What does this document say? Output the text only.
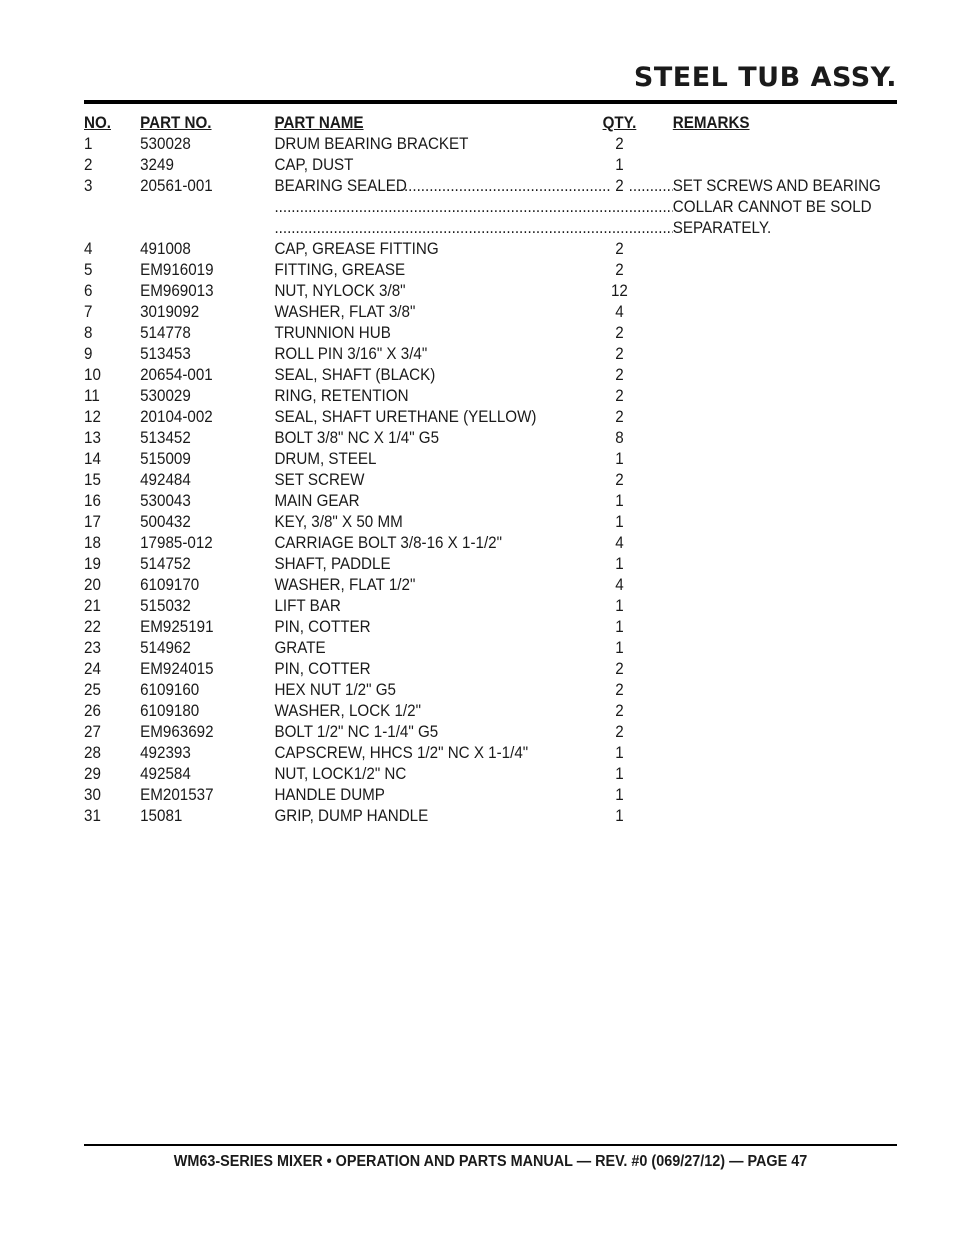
STEEL TUB ASSY.
NO. PART NO.	PART NAME	QTY. REMARKS
1	530028	DRUM BEARING BRACKET	2
2	3249	CAP, DUST	1
3	20561-001	BEARING SEALED	2	SET SCREWS AND BEARING
.....
.....
COLLAR CANNOT BE SOLD
.....
SEPARATELY.
.....
4	491008	CAP, GREASE FITTING	2
5	EM916019	FITTING, GREASE	2
6	EM969013	NUT, NYLOCK 3/8"	12
7	3019092	WASHER, FLAT 3/8"	4
8	514778	TRUNNION HUB	2
9	513453	ROLL PIN 3/16" X 3/4"	2
10 20654-001	SEAL, SHAFT (BLACK)	2
11 530029	RING, RETENTION	2
12 20104-002	SEAL, SHAFT URETHANE (YELLOW)	2
13 513452	BOLT 3/8" NC X 1/4" G5	8
14 515009	DRUM, STEEL	1
15 492484	SET SCREW	2
16 530043	MAIN GEAR	1
17 500432	KEY, 3/8" X 50 MM	1
18 17985-012	CARRIAGE BOLT 3/8-16 X 1-1/2"	4
19 514752	SHAFT, PADDLE	1
20 6109170	WASHER, FLAT 1/2"	4
21 515032	LIFT BAR	1
22 EM925191	PIN, COTTER	1
23 514962	GRATE	1
24 EM924015	PIN, COTTER	2
25 6109160	HEX NUT 1/2" G5	2
26 6109180	WASHER, LOCK 1/2"	2
27 EM963692	BOLT 1/2" NC 1-1/4" G5	2
28 492393	CAPSCREW, HHCS 1/2" NC X 1-1/4"	1
29 492584	NUT, LOCK1/2" NC	1
30 EM201537	HANDLE DUMP	1
31 15081	GRIP, DUMP HANDLE	1
WM63-SERIES MIXER • OPERATION AND PARTS MANUAL — REV. #0 (069/27/12) — PAGE 47
